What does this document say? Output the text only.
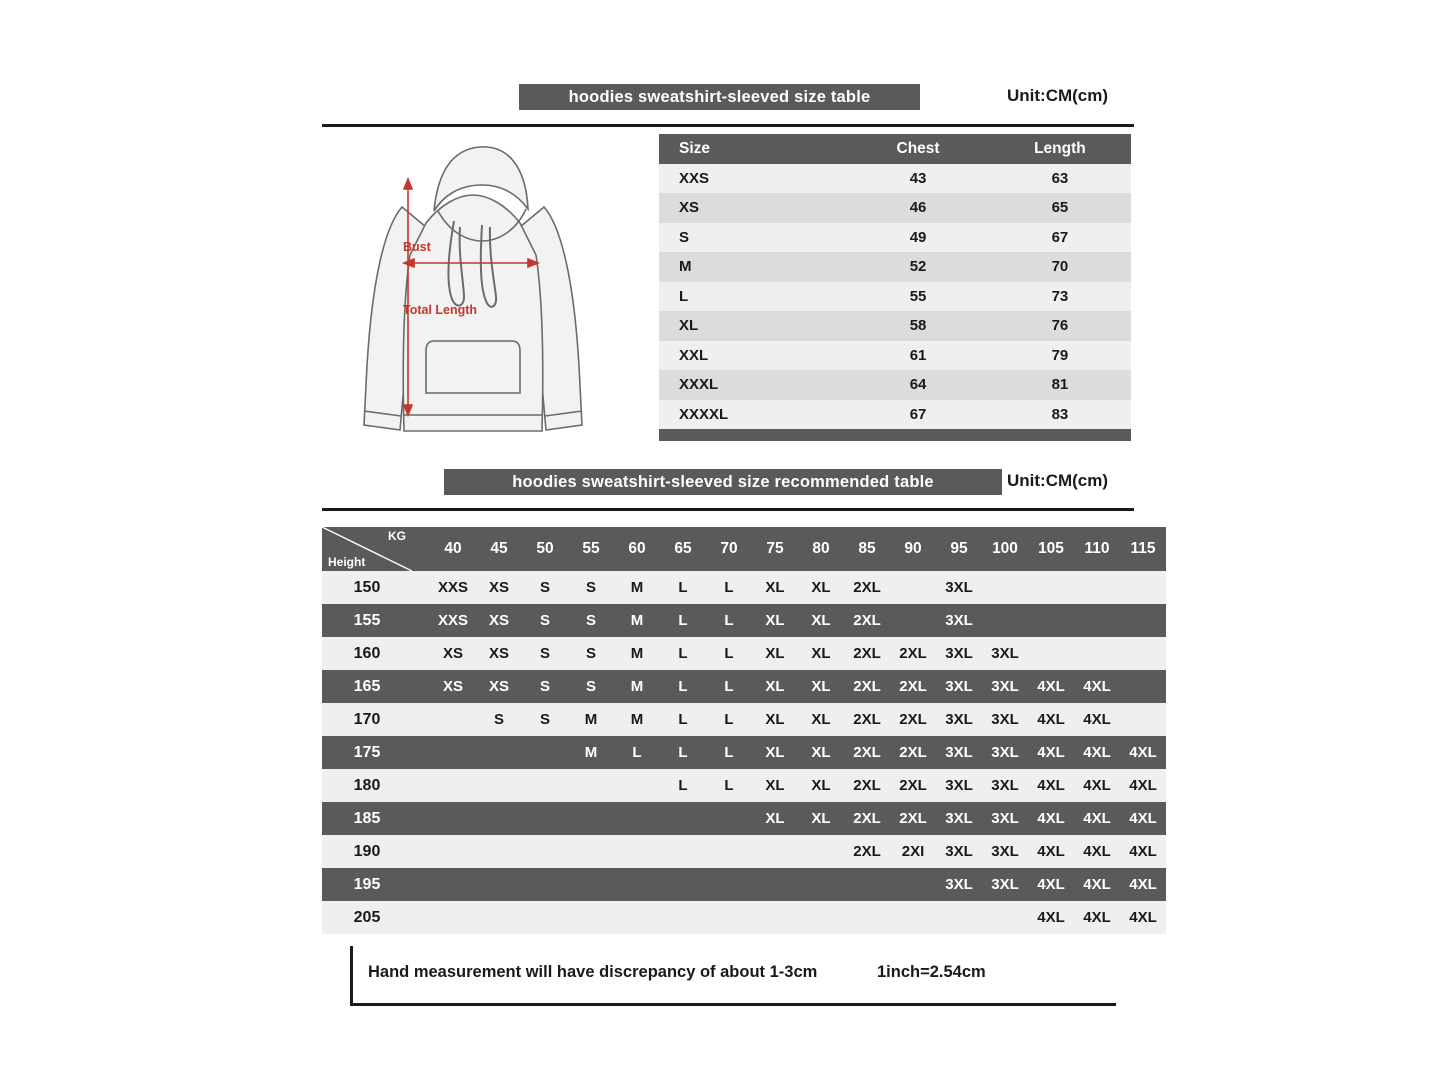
hoodies sweatshirt-sleeved size table	Unit:CM(cm)
Bust
Total Length
Size	Chest	Length
XXS	43	63
XS	46	65
S	49	67
M	52	70
L	55	73
XL	58	76
XXL	61	79
XXXL	64	81
XXXXL	67	83

hoodies sweatshirt-sleeved size recommended table	Unit:CM(cm)
KG
Height	40	45	50	55	60	65	70	75	80	85	90	95	100	105	110	115
150	XXS	XS	S	S	M	L	L	XL	XL	2XL		3XL				
155	XXS	XS	S	S	M	L	L	XL	XL	2XL		3XL				
160	XS	XS	S	S	M	L	L	XL	XL	2XL	2XL	3XL	3XL			
165	XS	XS	S	S	M	L	L	XL	XL	2XL	2XL	3XL	3XL	4XL	4XL	
170		S	S	M	M	L	L	XL	XL	2XL	2XL	3XL	3XL	4XL	4XL	
175				M	L	L	L	XL	XL	2XL	2XL	3XL	3XL	4XL	4XL	4XL
180						L	L	XL	XL	2XL	2XL	3XL	3XL	4XL	4XL	4XL
185								XL	XL	2XL	2XL	3XL	3XL	4XL	4XL	4XL
190										2XL	2XI	3XL	3XL	4XL	4XL	4XL
195												3XL	3XL	4XL	4XL	4XL
205														4XL	4XL	4XL
Hand measurement will have discrepancy of about 1-3cm	1inch=2.54cm
